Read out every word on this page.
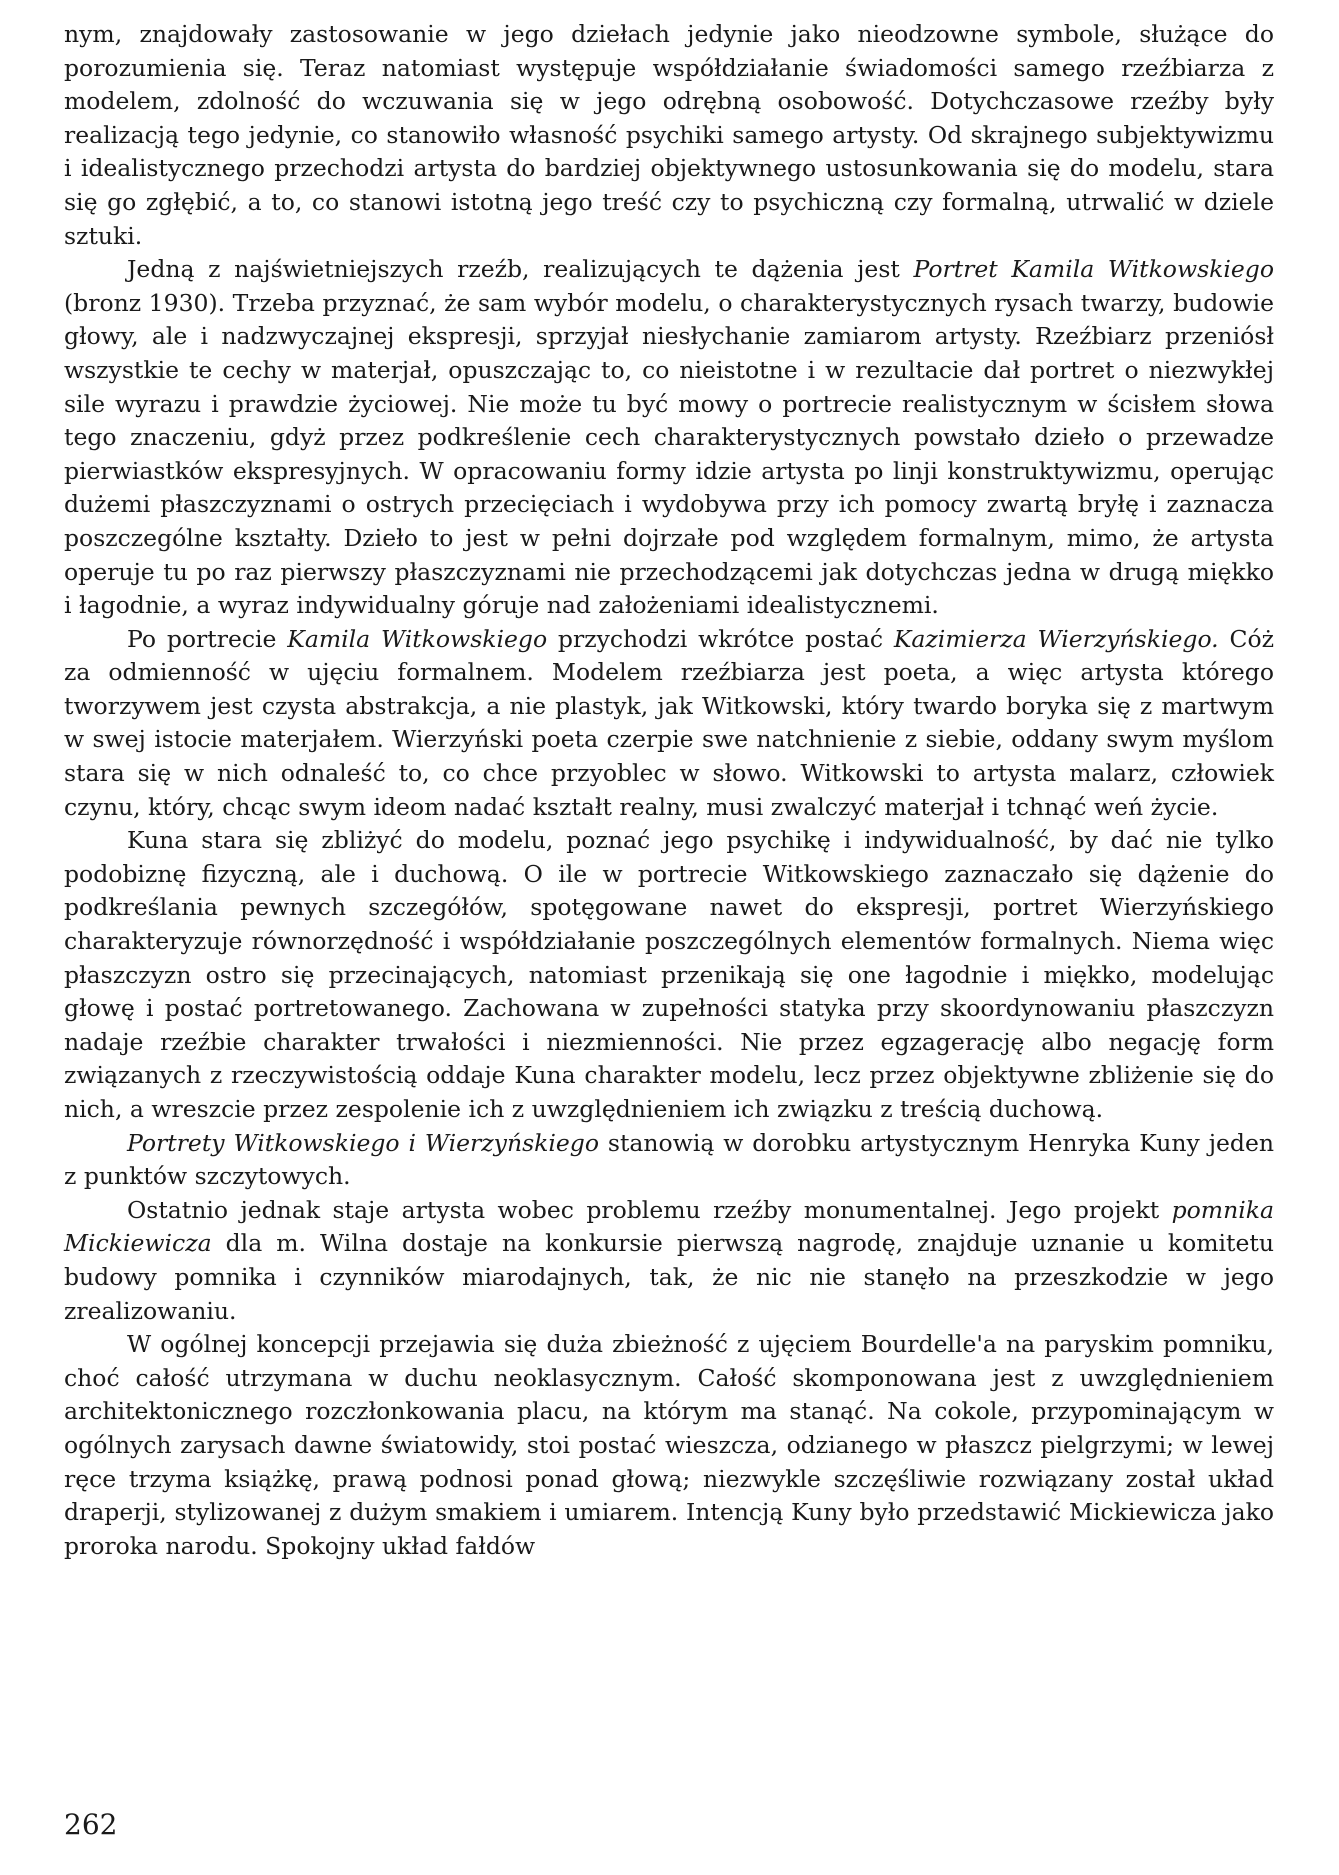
nym, znajdowały zastosowanie w jego dziełach jedynie jako nieodzowne symbole, służące do porozumienia się. Teraz natomiast występuje współdziałanie świadomości samego rzeźbiarza z modelem, zdolność do wczuwania się w jego odrębną osobowość. Dotychczasowe rzeźby były realizacją tego jedynie, co stanowiło własność psychiki samego artysty. Od skrajnego subjektywizmu i idealistycznego przechodzi artysta do bardziej objektywnego ustosunkowania się do modelu, stara się go zgłębić, a to, co stanowi istotną jego treść czy to psychiczną czy formalną, utrwalić w dziele sztuki.

Jedną z najświetniejszych rzeźb, realizujących te dążenia jest Portret Kamila Witkowskiego (bronz 1930). Trzeba przyznać, że sam wybór modelu, o charakterystycznych rysach twarzy, budowie głowy, ale i nadzwyczajnej ekspresji, sprzyjał niesłychanie zamiarom artysty. Rzeźbiarz przeniósł wszystkie te cechy w materjał, opuszczając to, co nieistotne i w rezultacie dał portret o niezwykłej sile wyrazu i prawdzie życiowej. Nie może tu być mowy o portrecie realistycznym w ścisłem słowa tego znaczeniu, gdyż przez podkreślenie cech charakterystycznych powstało dzieło o przewadze pierwiastków ekspresyjnych. W opracowaniu formy idzie artysta po linji konstruktywizmu, operując dużemi płaszczyznami o ostrych przecięciach i wydobywa przy ich pomocy zwartą bryłę i zaznacza poszczególne kształty. Dzieło to jest w pełni dojrzałe pod względem formalnym, mimo, że artysta operuje tu po raz pierwszy płaszczyznami nie przechodzącemi jak dotychczas jedna w drugą miękko i łagodnie, a wyraz indywidualny góruje nad założeniami idealistycznemi.

Po portrecie Kamila Witkowskiego przychodzi wkrótce postać Kazimierza Wierzyńskiego. Cóż za odmienność w ujęciu formalnem. Modelem rzeźbiarza jest poeta, a więc artysta którego tworzywem jest czysta abstrakcja, a nie plastyk, jak Witkowski, który twardo boryka się z martwym w swej istocie materjałem. Wierzyński poeta czerpie swe natchnienie z siebie, oddany swym myślom stara się w nich odnaleść to, co chce przyoblec w słowo. Witkowski to artysta malarz, człowiek czynu, który, chcąc swym ideom nadać kształt realny, musi zwalczyć materjał i tchnąć weń życie.

Kuna stara się zbliżyć do modelu, poznać jego psychikę i indywidualność, by dać nie tylko podobiznę fizyczną, ale i duchową. O ile w portrecie Witkowskiego zaznaczało się dążenie do podkreślania pewnych szczegółów, spotęgowane nawet do ekspresji, portret Wierzyńskiego charakteryzuje równorzędność i współdziałanie poszczególnych elementów formalnych. Niema więc płaszczyzn ostro się przecinających, natomiast przenikają się one łagodnie i miękko, modelując głowę i postać portretowanego. Zachowana w zupełności statyka przy skoordynowaniu płaszczyzn nadaje rzeźbie charakter trwałości i niezmienności. Nie przez egzagerację albo negację form związanych z rzeczywistością oddaje Kuna charakter modelu, lecz przez objektywne zbliżenie się do nich, a wreszcie przez zespolenie ich z uwzględnieniem ich związku z treścią duchową.

Portrety Witkowskiego i Wierzyńskiego stanowią w dorobku artystycznym Henryka Kuny jeden z punktów szczytowych.

Ostatnio jednak staje artysta wobec problemu rzeźby monumentalnej. Jego projekt pomnika Mickiewicza dla m. Wilna dostaje na konkursie pierwszą nagrodę, znajduje uznanie u komitetu budowy pomnika i czynników miarodajnych, tak, że nic nie stanęło na przeszkodzie w jego zrealizowaniu.

W ogólnej koncepcji przejawia się duża zbieżność z ujęciem Bourdelle'a na paryskim pomniku, choć całość utrzymana w duchu neoklasycznym. Całość skomponowana jest z uwzględnieniem architektonicznego rozczłonkowania placu, na którym ma stanąć. Na cokole, przypominającym w ogólnych zarysach dawne światowidy, stoi postać wieszcza, odzianego w płaszcz pielgrzymi; w lewej ręce trzyma książkę, prawą podnosi ponad głową; niezwykle szczęśliwie rozwiązany został układ draperji, stylizowanej z dużym smakiem i umiarem. Intencją Kuny było przedstawić Mickiewicza jako proroka narodu. Spokojny układ fałdów

262
